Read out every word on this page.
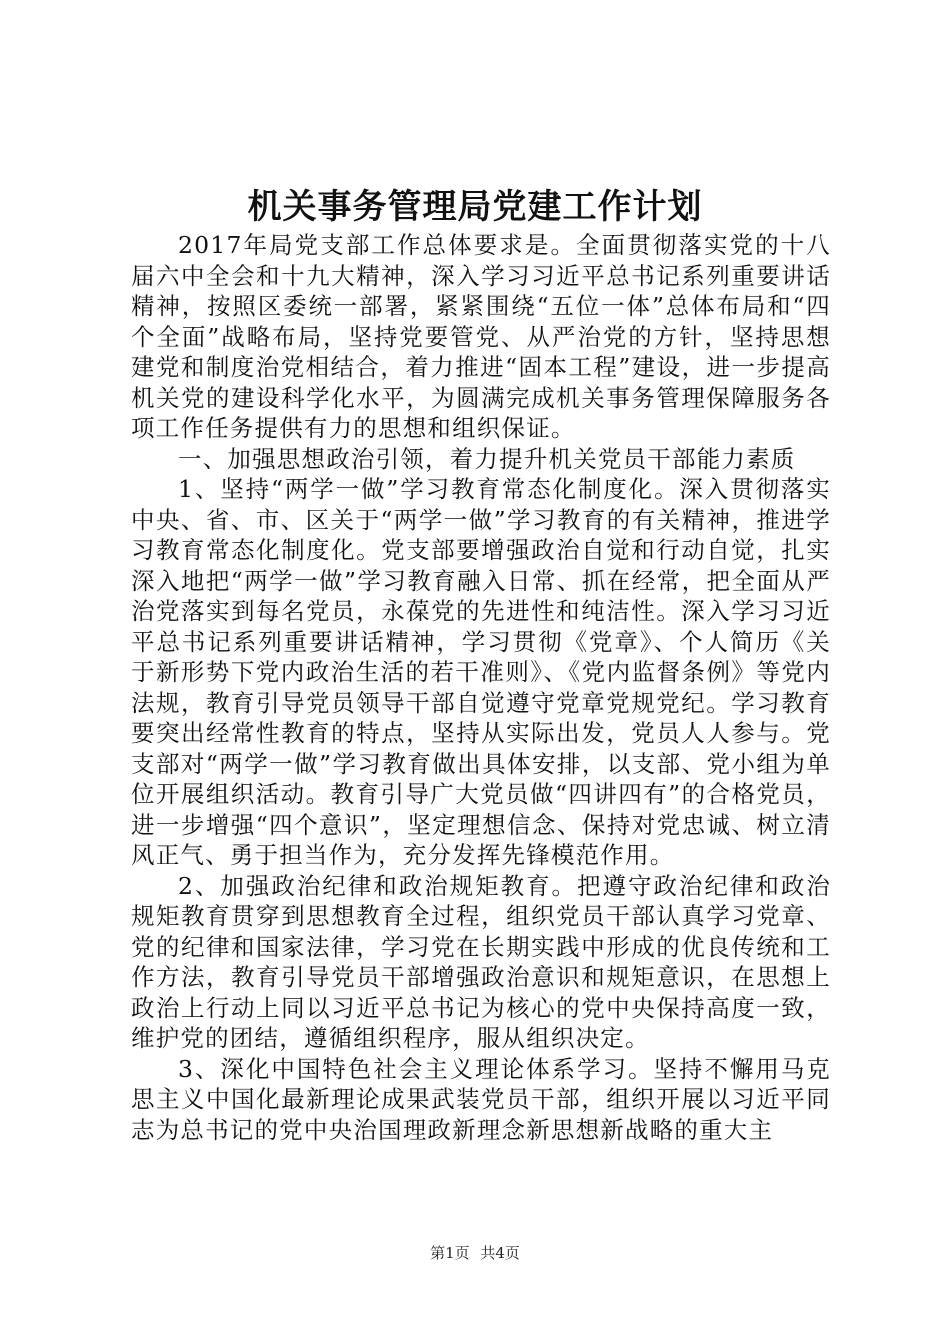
机关事务管理局党建工作计划

2017年局党支部工作总体要求是。全面贯彻落实党的十八届六中全会和十九大精神，深入学习习近平总书记系列重要讲话精神，按照区委统一部署，紧紧围绕“五位一体”总体布局和“四个全面”战略布局，坚持党要管党、从严治党的方针，坚持思想建党和制度治党相结合，着力推进“固本工程”建设，进一步提高机关党的建设科学化水平，为圆满完成机关事务管理保障服务各项工作任务提供有力的思想和组织保证。

一、加强思想政治引领，着力提升机关党员干部能力素质

1、坚持“两学一做”学习教育常态化制度化。深入贯彻落实中央、省、市、区关于“两学一做”学习教育的有关精神，推进学习教育常态化制度化。党支部要增强政治自觉和行动自觉，扎实深入地把“两学一做”学习教育融入日常、抓在经常，把全面从严治党落实到每名党员，永葆党的先进性和纯洁性。深入学习习近平总书记系列重要讲话精神，学习贯彻《党章》、个人简历《关于新形势下党内政治生活的若干准则》、《党内监督条例》等党内法规，教育引导党员领导干部自觉遵守党章党规党纪。学习教育要突出经常性教育的特点，坚持从实际出发，党员人人参与。党支部对“两学一做”学习教育做出具体安排，以支部、党小组为单位开展组织活动。教育引导广大党员做“四讲四有”的合格党员，进一步增强“四个意识”，坚定理想信念、保持对党忠诚、树立清风正气、勇于担当作为，充分发挥先锋模范作用。

2、加强政治纪律和政治规矩教育。把遵守政治纪律和政治规矩教育贯穿到思想教育全过程，组织党员干部认真学习党章、党的纪律和国家法律，学习党在长期实践中形成的优良传统和工作方法，教育引导党员干部增强政治意识和规矩意识，在思想上政治上行动上同以习近平总书记为核心的党中央保持高度一致，维护党的团结，遵循组织程序，服从组织决定。

3、深化中国特色社会主义理论体系学习。坚持不懈用马克思主义中国化最新理论成果武装党员干部，组织开展以习近平同志为总书记的党中央治国理政新理念新思想新战略的重大主

第1页 共4页
